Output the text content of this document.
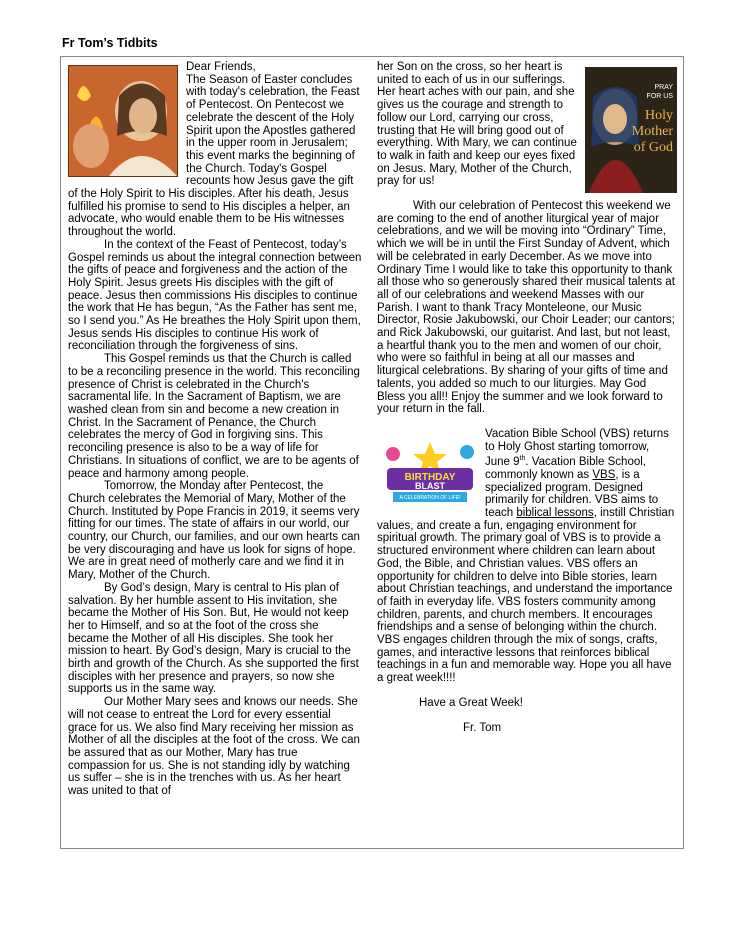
Fr Tom’s Tidbits

Dear Friends,

The Season of Easter concludes with today's celebration, the Feast of Pentecost. On Pentecost we celebrate the descent of the Holy Spirit upon the Apostles gathered in the upper room in Jerusalem; this event marks the beginning of the Church. Today's Gospel recounts how Jesus gave the gift of the Holy Spirit to His disciples. After his death, Jesus fulfilled his promise to send to His disciples a helper, an advocate, who would enable them to be His witnesses throughout the world.

In the context of the Feast of Pentecost, today’s Gospel reminds us about the integral connection between the gifts of peace and forgiveness and the action of the Holy Spirit. Jesus greets His disciples with the gift of peace. Jesus then commissions His disciples to continue the work that He has begun, “As the Father has sent me, so I send you.” As He breathes the Holy Spirit upon them, Jesus sends His disciples to continue His work of reconciliation through the forgiveness of sins.

This Gospel reminds us that the Church is called to be a reconciling presence in the world. This reconciling presence of Christ is celebrated in the Church's sacramental life. In the Sacrament of Baptism, we are washed clean from sin and become a new creation in Christ. In the Sacrament of Penance, the Church celebrates the mercy of God in forgiving sins. This reconciling presence is also to be a way of life for Christians. In situations of conflict, we are to be agents of peace and harmony among people.

Tomorrow, the Monday after Pentecost, the Church celebrates the Memorial of Mary, Mother of the Church. Instituted by Pope Francis in 2019, it seems very fitting for our times. The state of affairs in our world, our country, our Church, our families, and our own hearts can be very discouraging and have us look for signs of hope. We are in great need of motherly care and we find it in Mary, Mother of the Church.

By God’s design, Mary is central to His plan of salvation. By her humble assent to His invitation, she became the Mother of His Son. But, He would not keep her to Himself, and so at the foot of the cross she became the Mother of all His disciples. She took her mission to heart. By God’s design, Mary is crucial to the birth and growth of the Church. As she supported the first disciples with her presence and prayers, so now she supports us in the same way.

Our Mother Mary sees and knows our needs. She will not cease to entreat the Lord for every essential grace for us. We also find Mary receiving her mission as Mother of all the disciples at the foot of the cross. We can be assured that as our Mother, Mary has true compassion for us. She is not standing idly by watching us suffer – she is in the trenches with us. As her heart was united to that of

PRAY
FOR US
Holy
Mother
of God

her Son on the cross, so her heart is united to each of us in our sufferings. Her heart aches with our pain, and she gives us the courage and strength to follow our Lord, carrying our cross, trusting that He will bring good out of everything. With Mary, we can continue to walk in faith and keep our eyes fixed on Jesus. Mary, Mother of the Church, pray for us!

With our celebration of Pentecost this weekend we are coming to the end of another liturgical year of major celebrations, and we will be moving into “Ordinary” Time, which we will be in until the First Sunday of Advent, which will be celebrated in early December. As we move into Ordinary Time I would like to take this opportunity to thank all those who so generously shared their musical talents at all of our celebrations and weekend Masses with our Parish. I want to thank Tracy Monteleone, our Music Director, Rosie Jakubowski, our Choir Leader; our cantors; and Rick Jakubowski, our guitarist. And last, but not least, a heartful thank you to the men and women of our choir, who were so faithful in being at all our masses and liturgical celebrations. By sharing of your gifts of time and talents, you added so much to our liturgies. May God Bless you all!! Enjoy the summer and we look forward to your return in the fall.

BIRTHDAY
BLAST
A CELEBRATION OF LIFE!

Vacation Bible School (VBS) returns to Holy Ghost starting tomorrow, June 9th. Vacation Bible School, commonly known as VBS, is a specialized program. Designed primarily for children. VBS aims to teach biblical lessons, instill Christian values, and create a fun, engaging environment for spiritual growth. The primary goal of VBS is to provide a structured environment where children can learn about God, the Bible, and Christian values. VBS offers an opportunity for children to delve into Bible stories, learn about Christian teachings, and understand the importance of faith in everyday life. VBS fosters community among children, parents, and church members. It encourages friendships and a sense of belonging within the church. VBS engages children through the mix of songs, crafts, games, and interactive lessons that reinforces biblical teachings in a fun and memorable way. Hope you all have a great week!!!!

Have a Great Week!

Fr. Tom
